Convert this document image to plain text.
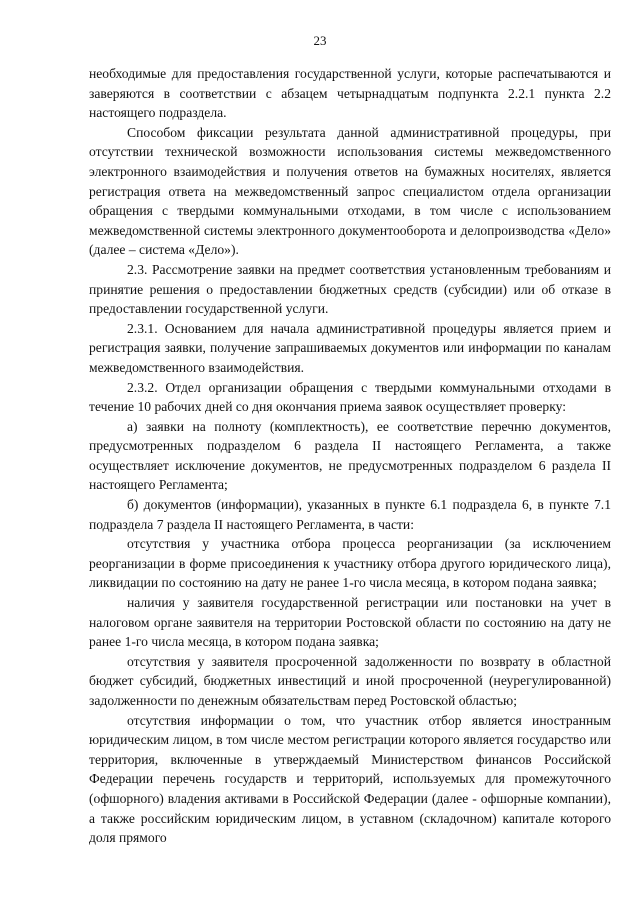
23

необходимые для предоставления государственной услуги, которые распечатываются и заверяются в соответствии с абзацем четырнадцатым подпункта 2.2.1 пункта 2.2 настоящего подраздела.

Способом фиксации результата данной административной процедуры, при отсутствии технической возможности использования системы межведомственного электронного взаимодействия и получения ответов на бумажных носителях, является регистрация ответа на межведомственный запрос специалистом отдела организации обращения с твердыми коммунальными отходами, в том числе с использованием межведомственной системы электронного документооборота и делопроизводства «Дело» (далее – система «Дело»).

2.3. Рассмотрение заявки на предмет соответствия установленным требованиям и принятие решения о предоставлении бюджетных средств (субсидии) или об отказе в предоставлении государственной услуги.

2.3.1. Основанием для начала административной процедуры является прием и регистрация заявки, получение запрашиваемых документов или информации по каналам межведомственного взаимодействия.

2.3.2. Отдел организации обращения с твердыми коммунальными отходами в течение 10 рабочих дней со дня окончания приема заявок осуществляет проверку:

а) заявки на полноту (комплектность), ее соответствие перечню документов, предусмотренных подразделом 6 раздела II настоящего Регламента, а также осуществляет исключение документов, не предусмотренных подразделом 6 раздела II настоящего Регламента;

б) документов (информации), указанных в пункте 6.1 подраздела 6, в пункте 7.1 подраздела 7 раздела II настоящего Регламента, в части:

отсутствия у участника отбора процесса реорганизации (за исключением реорганизации в форме присоединения к участнику отбора другого юридического лица), ликвидации по состоянию на дату не ранее 1-го числа месяца, в котором подана заявка;

наличия у заявителя государственной регистрации или постановки на учет в налоговом органе заявителя на территории Ростовской области по состоянию на дату не ранее 1-го числа месяца, в котором подана заявка;

отсутствия у заявителя просроченной задолженности по возврату в областной бюджет субсидий, бюджетных инвестиций и иной просроченной (неурегулированной) задолженности по денежным обязательствам перед Ростовской областью;

отсутствия информации о том, что участник отбор является иностранным юридическим лицом, в том числе местом регистрации которого является государство или территория, включенные в утверждаемый Министерством финансов Российской Федерации перечень государств и территорий, используемых для промежуточного (офшорного) владения активами в Российской Федерации (далее - офшорные компании), а также российским юридическим лицом, в уставном (складочном) капитале которого доля прямого
